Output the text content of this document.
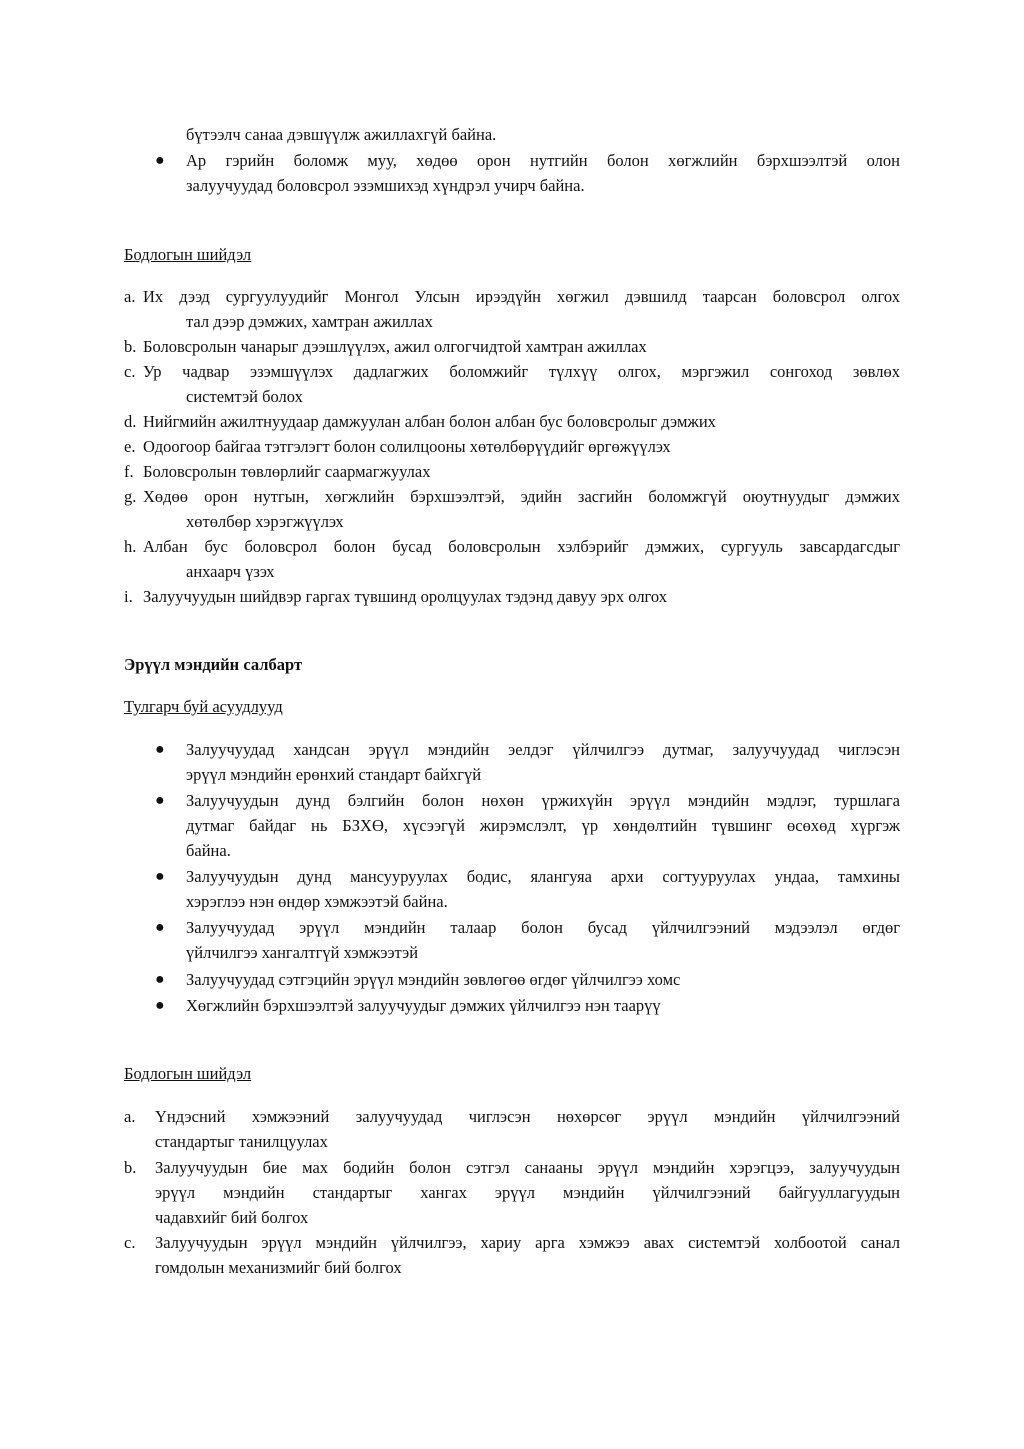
бүтээлч санаа дэвшүүлж ажиллахгүй байна.
● Ар гэрийн боломж муу, хөдөө орон нутгийн болон хөгжлийн бэрхшээлтэй олон
залуучуудад боловсрол эзэмшихэд хүндрэл учирч байна.
Бодлогын шийдэл
a. Их дээд сургуулуудийг Монгол Улсын ирээдүйн хөгжил дэвшилд таарсан боловсрол олгох
тал дээр дэмжих, хамтран ажиллах
b. Боловсролын чанарыг дээшлүүлэх, ажил олгогчидтой хамтран ажиллах
c. Ур чадвар эзэмшүүлэх дадлагжих боломжийг түлхүү олгох, мэргэжил сонгоход зөвлөх
системтэй болох
d. Нийгмийн ажилтнуудаар дамжуулан албан болон албан бус боловсролыг дэмжих
e. Одоогоор байгаа тэтгэлэгт болон солилцооны хөтөлбөрүүдийг өргөжүүлэх
f. Боловсролын төвлөрлийг саармагжуулах
g. Хөдөө орон нутгын, хөгжлийн бэрхшээлтэй, эдийн засгийн боломжгүй оюутнуудыг дэмжих
хөтөлбөр хэрэгжүүлэх
h. Албан бус боловсрол болон бусад боловсролын хэлбэрийг дэмжих, сургууль завсардагсдыг
анхаарч үзэх
i. Залуучуудын шийдвэр гаргах түвшинд оролцуулах тэдэнд давуу эрх олгох
Эрүүл мэндийн салбарт
Тулгарч буй асуудлууд
● Залуучуудад хандсан эрүүл мэндийн эелдэг үйлчилгээ дутмаг, залуучуудад чиглэсэн
эрүүл мэндийн ерөнхий стандарт байхгүй
● Залуучуудын дунд бэлгийн болон нөхөн үржихүйн эрүүл мэндийн мэдлэг, туршлага
дутмаг байдаг нь БЗХӨ, хүсээгүй жирэмслэлт, үр хөндөлтийн түвшинг өсөхөд хүргэж
байна.
● Залуучуудын дунд мансууруулах бодис, ялангуяа архи согтууруулах ундаа, тамхины
хэрэглээ нэн өндөр хэмжээтэй байна.
● Залуучуудад эрүүл мэндийн талаар болон бусад үйлчилгээний мэдээлэл өгдөг
үйлчилгээ хангалтгүй хэмжээтэй
● Залуучуудад сэтгэцийн эрүүл мэндийн зөвлөгөө өгдөг үйлчилгээ хомс
● Хөгжлийн бэрхшээлтэй залуучуудыг дэмжих үйлчилгээ нэн таарүү
Бодлогын шийдэл
a. Үндэсний хэмжээний залуучуудад чиглэсэн нөхөрсөг эрүүл мэндийн үйлчилгээний
стандартыг танилцуулах
b. Залуучуудын бие мах бодийн болон сэтгэл санааны эрүүл мэндийн хэрэгцээ, залуучуудын
эрүүл мэндийн стандартыг хангах эрүүл мэндийн үйлчилгээний байгууллагуудын
чадавхийг бий болгох
c. Залуучуудын эрүүл мэндийн үйлчилгээ, хариу арга хэмжээ авах системтэй холбоотой санал
гомдолын механизмийг бий болгох
